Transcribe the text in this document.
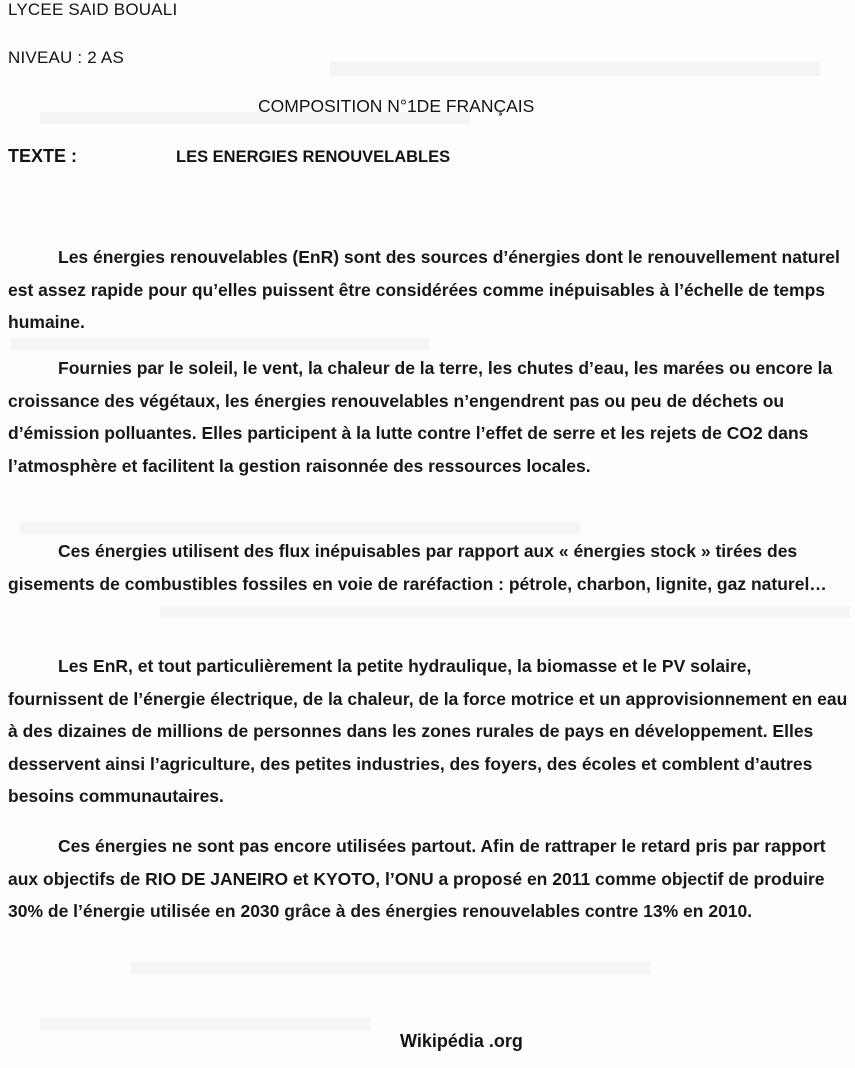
LYCEE SAID BOUALI
NIVEAU : 2 AS
COMPOSITION N°1DE FRANÇAIS
TEXTE :	LES ENERGIES RENOUVELABLES

Les énergies renouvelables (EnR) sont des sources d’énergies dont le renouvellement naturel est assez rapide pour qu’elles puissent être considérées comme inépuisables à l’échelle de temps humaine.

Fournies par le soleil, le vent, la chaleur de la terre, les chutes d’eau, les marées ou encore la croissance des végétaux, les énergies renouvelables n’engendrent pas ou peu de déchets ou d’émission polluantes. Elles participent à la lutte contre l’effet de serre et les rejets de CO2 dans l’atmosphère et facilitent la gestion raisonnée des ressources locales.

Ces énergies utilisent des flux inépuisables par rapport aux « énergies stock » tirées des gisements de combustibles fossiles en voie de raréfaction : pétrole, charbon, lignite, gaz naturel…

Les EnR, et tout particulièrement la petite hydraulique, la biomasse et le PV solaire, fournissent de l’énergie électrique, de la chaleur, de la force motrice et un approvisionnement en eau à des dizaines de millions de personnes dans les zones rurales de pays en développement. Elles desservent ainsi l’agriculture, des petites industries, des foyers, des écoles et comblent d’autres besoins communautaires.

Ces énergies ne sont pas encore utilisées partout. Afin de rattraper le retard pris par rapport aux objectifs de RIO DE JANEIRO et KYOTO, l’ONU a proposé en 2011 comme objectif de produire 30% de l’énergie utilisée en 2030 grâce à des énergies renouvelables contre 13% en 2010.

Wikipédia .org
